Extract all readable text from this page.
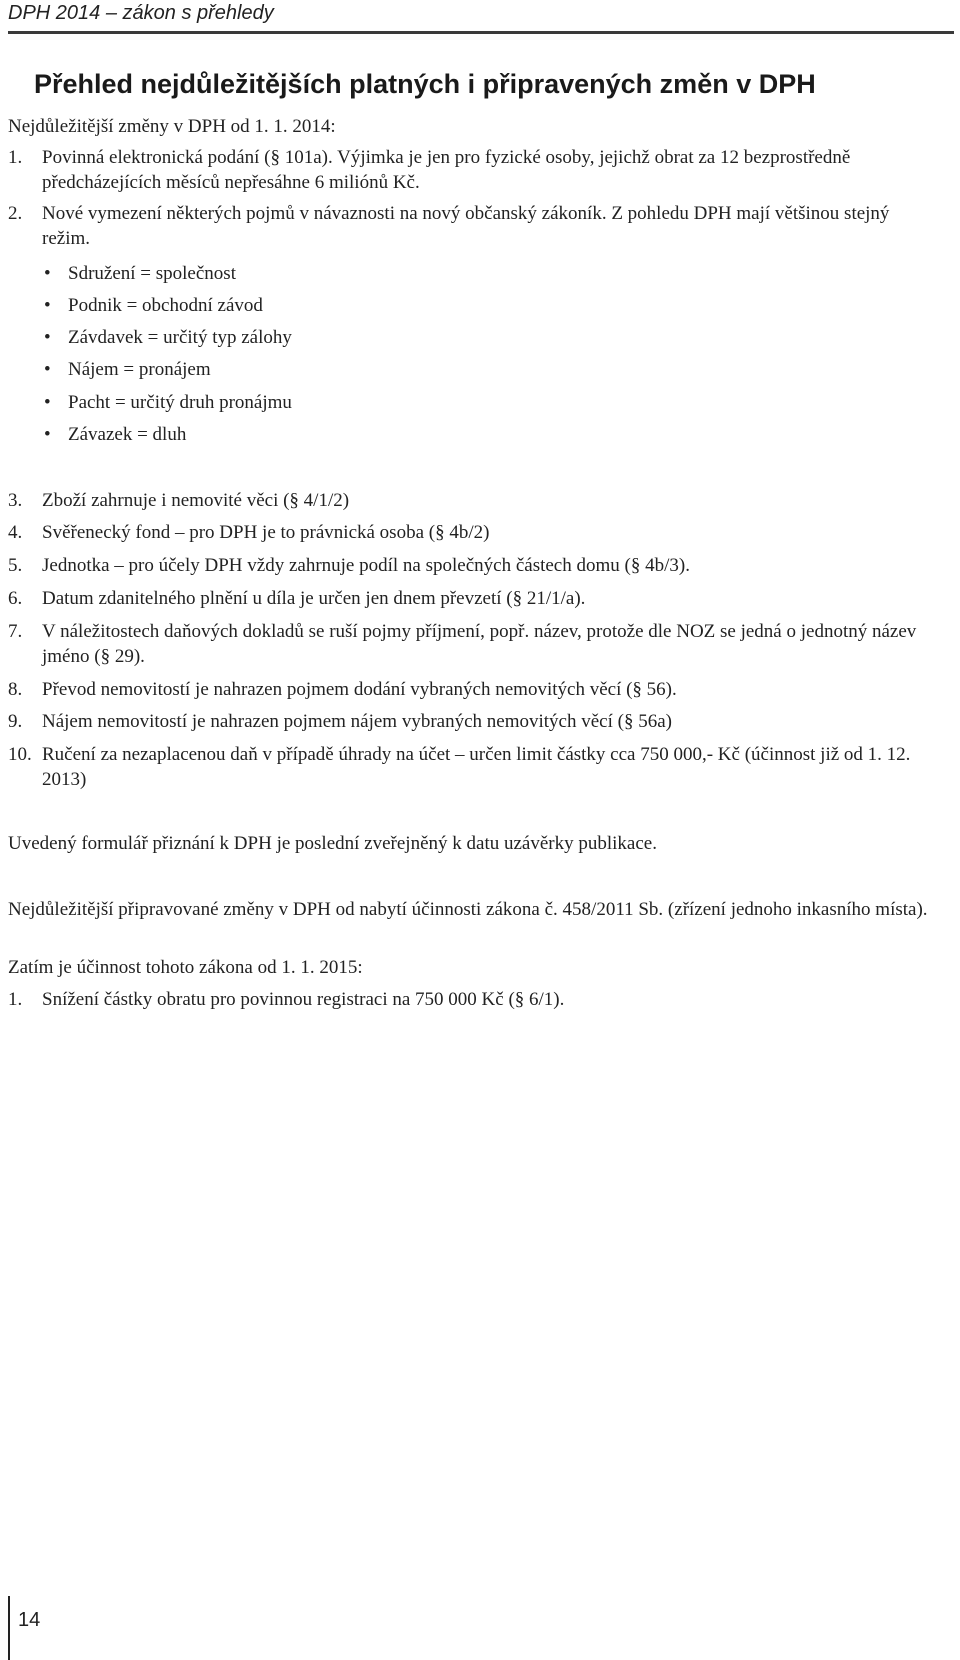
DPH 2014 – zákon s přehledy
Přehled nejdůležitějších platných i připravených změn v DPH
Nejdůležitější změny v DPH od 1. 1. 2014:
1.	Povinná elektronická podání (§ 101a). Výjimka je jen pro fyzické osoby, jejichž obrat za 12 bezprostředně předcházejících měsíců nepřesáhne 6 miliónů Kč.
2.	Nové vymezení některých pojmů v návaznosti na nový občanský zákoník. Z pohledu DPH mají většinou stejný režim.
• Sdružení = společnost
• Podnik = obchodní závod
• Závdavek = určitý typ zálohy
• Nájem = pronájem
• Pacht = určitý druh pronájmu
• Závazek = dluh
3.	Zboží zahrnuje i nemovité věci (§ 4/1/2)
4.	Svěřenecký fond – pro DPH je to právnická osoba (§ 4b/2)
5.	Jednotka – pro účely DPH vždy zahrnuje podíl na společných částech domu (§ 4b/3).
6.	Datum zdanitelného plnění u díla je určen jen dnem převzetí (§ 21/1/a).
7.	V náležitostech daňových dokladů se ruší pojmy příjmení, popř. název, protože dle NOZ se jedná o jednotný název jméno (§ 29).
8.	Převod nemovitostí je nahrazen pojmem dodání vybraných nemovitých věcí (§ 56).
9.	Nájem nemovitostí je nahrazen pojmem nájem vybraných nemovitých věcí (§ 56a)
10. Ručení za nezaplacenou daň v případě úhrady na účet – určen limit částky cca 750 000,- Kč (účinnost již od 1. 12. 2013)
Uvedený formulář přiznání k DPH je poslední zveřejněný k datu uzávěrky publikace.
Nejdůležitější připravované změny v DPH od nabytí účinnosti zákona č. 458/2011 Sb. (zřízení jednoho inkasního místa).
Zatím je účinnost tohoto zákona od 1. 1. 2015:
1.	Snížení částky obratu pro povinnou registraci na 750 000 Kč (§ 6/1).
14
